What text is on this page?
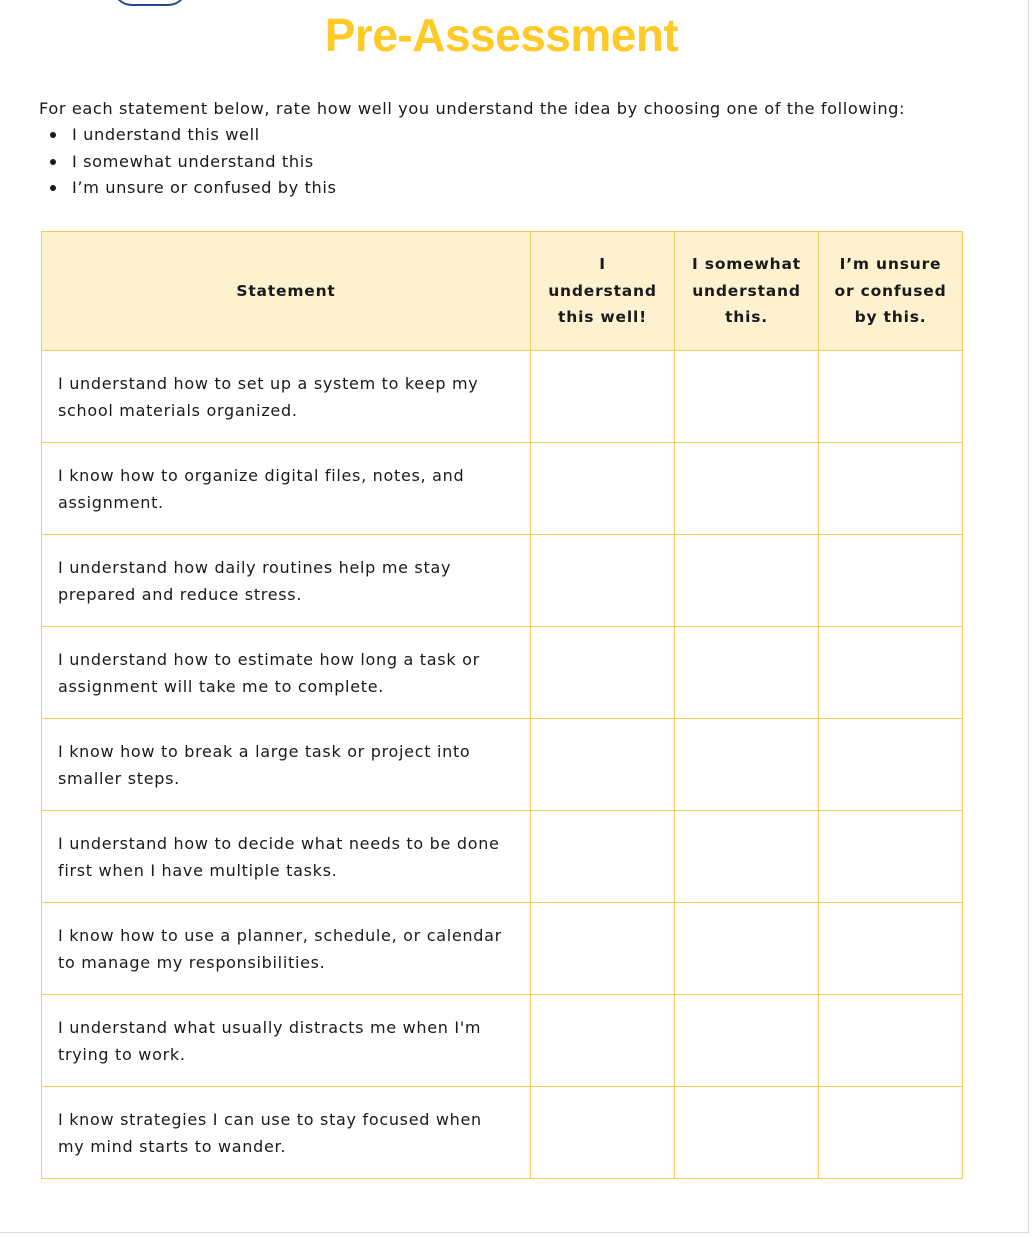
Pre-Assessment

For each statement below, rate how well you understand the idea by choosing one of the following:

I understand this well
I somewhat understand this
I’m unsure or confused by this
Statement	I understand this well!	I somewhat understand this.	I’m unsure or confused by this.

I understand how to set up a system to keep my school materials organized.			
I know how to organize digital files, notes, and assignment.			
I understand how daily routines help me stay prepared and reduce stress.			
I understand how to estimate how long a task or assignment will take me to complete.			
I know how to break a large task or project into smaller steps.			
I understand how to decide what needs to be done first when I have multiple tasks.			
I know how to use a planner, schedule, or calendar to manage my responsibilities.			
I understand what usually distracts me when I'm trying to work.			
I know strategies I can use to stay focused when my mind starts to wander.			
